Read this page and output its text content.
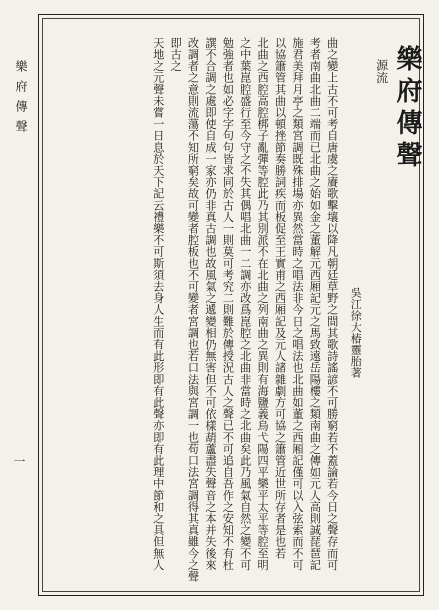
樂府傳聲
一
樂府傳聲
源流
吳江徐大椿靈胎著
曲之變上古不可考自唐虞之賡歌擊壤以降凡朝廷草野之間其歌詩謠諺不可勝窮若不蓋論若今日之聲存而可
考者南曲北曲二端而已北曲之始如金之董解元西厢記元之馬致遠岳陽樓之類南曲之傳如元人高則誠琵琶記
施君美拜月亭之類宮調既殊排場亦異然當時之唱法非今日之唱法也北曲如董之西厢記僅可以入弦索而不可
以協簫管其曲以頓挫節奏勝詞疾而板促至王實甫之西厢記及元人諸雜劇方可協之簫管近世所存者是也若
北曲之西腔高腔梆子亂彈等腔此乃其別派不在北曲之列南曲之異則有海鹽義烏弋陽四平樂平太平等腔至明
之中葉崑腔盛行至今守之不失其偶唱北曲一二調亦改爲崑腔之北曲非當時之北曲矣此乃風氣自然之變不可
勉強者也如必字字句句皆求同於古人一則莫可考究二則難於傳授況古人之聲已不可追自吾作之安知不有杜
譔不合調之處即使自成一家亦仍非真古調也故風氣之遞變相仍無害但不可依樣葫蘆盡失聲音之本并失後來
改調者之意則流蕩不知所窮矣故可變者腔板也不可變者宮調也若口法與宮調一也苟口法宮調得其真雖今之聲即古之
天地之元聲未嘗一日息於天下記云禮樂不可斯須去身人生而有此形即有此聲亦即有此理中節和之具但無人
